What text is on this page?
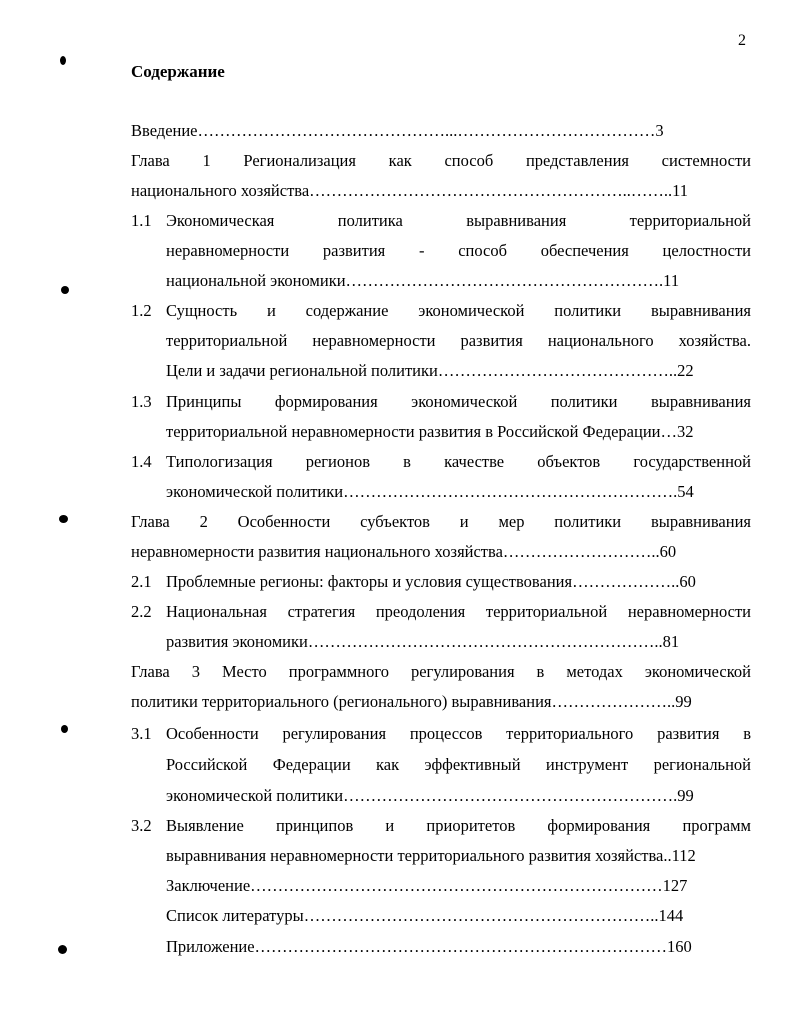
2
Содержание
Введение………………………………………...………………………………3
Глава 1 Регионализация как способ представления системности
национального хозяйства…………………………………………………..……..11
1.1 Экономическая политика выравнивания территориальной
неравномерности развития - способ обеспечения целостности
национальной экономики………………………………………………….11
1.2 Сущность и содержание экономической политики выравнивания
территориальной неравномерности развития национального хозяйства.
Цели и задачи региональной политики……………………………………..22
1.3 Принципы формирования экономической политики выравнивания
территориальной неравномерности развития в Российской Федерации…32
1.4 Типологизация регионов в качестве объектов государственной
экономической политики…………………………………………………….54
Глава 2 Особенности субъектов и мер политики выравнивания
неравномерности развития национального хозяйства………………………..60
2.1 Проблемные регионы: факторы и условия существования………………..60
2.2 Национальная стратегия преодоления территориальной неравномерности
развития экономики………………………………………………………..81
Глава 3 Место программного регулирования в методах экономической
политики территориального (регионального) выравнивания…………………..99
3.1 Особенности регулирования процессов территориального развития в
Российской Федерации как эффективный инструмент региональной
экономической политики…………………………………………………….99
3.2 Выявление принципов и приоритетов формирования программ
выравнивания неравномерности территориального развития хозяйства..112
Заключение…………………………………………………………………127
Список литературы………………………………………………………..144
Приложение…………………………………………………………………160
